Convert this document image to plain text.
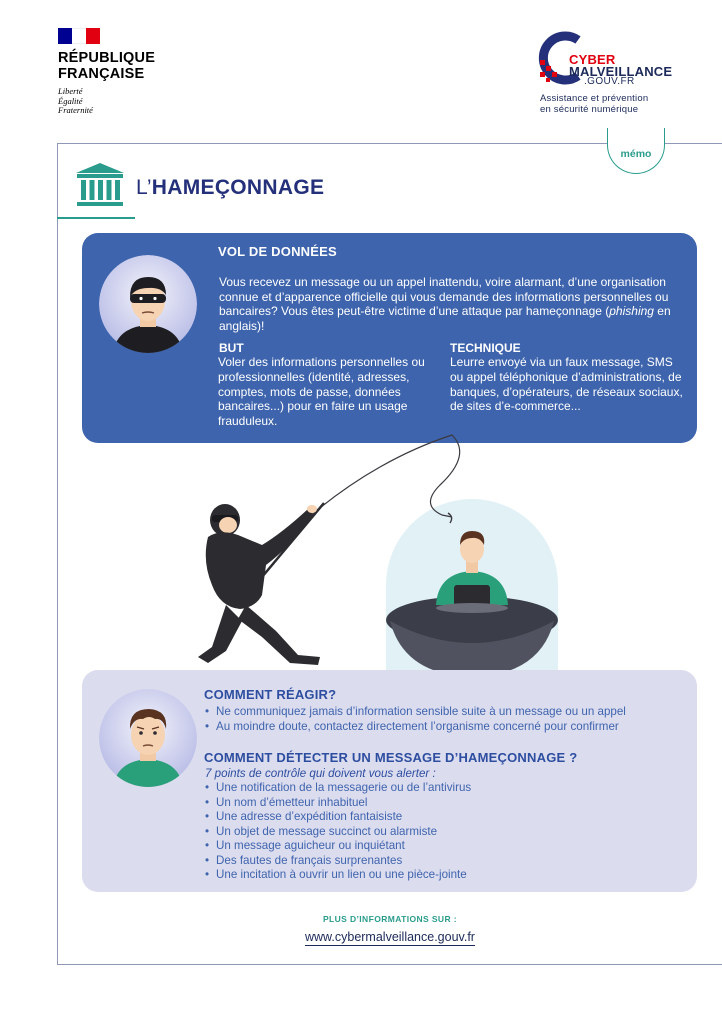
RÉPUBLIQUE
FRANÇAISE
Liberté
Égalité
Fraternité
CYBER
MALVEILLANCE
.GOUV.FR
Assistance et prévention
en sécurité numérique
mémo
L’HAMEÇONNAGE
VOL DE DONNÉES
Vous recevez un message ou un appel inattendu, voire alarmant, d’une organisation connue et d’apparence officielle qui vous demande des informations personnelles ou bancaires? Vous êtes peut-être victime d’une attaque par hameçonnage (phishing en anglais)!
BUT
Voler des informations personnelles ou professionnelles (identité, adresses, comptes, mots de passe, données bancaires...) pour en faire un usage frauduleux.
TECHNIQUE
Leurre envoyé via un faux message, SMS ou appel téléphonique d’administrations, de banques, d’opérateurs, de réseaux sociaux, de sites d’e-commerce...
COMMENT RÉAGIR?
• Ne communiquez jamais d’information sensible suite à un message ou un appel
• Au moindre doute, contactez directement l’organisme concerné pour confirmer
COMMENT DÉTECTER UN MESSAGE D’HAMEÇONNAGE ?
7 points de contrôle qui doivent vous alerter :
• Une notification de la messagerie ou de l’antivirus
• Un nom d’émetteur inhabituel
• Une adresse d’expédition fantaisiste
• Un objet de message succinct ou alarmiste
• Un message aguicheur ou inquiétant
• Des fautes de français surprenantes
• Une incitation à ouvrir un lien ou une pièce-jointe
PLUS D’INFORMATIONS SUR :
www.cybermalveillance.gouv.fr
